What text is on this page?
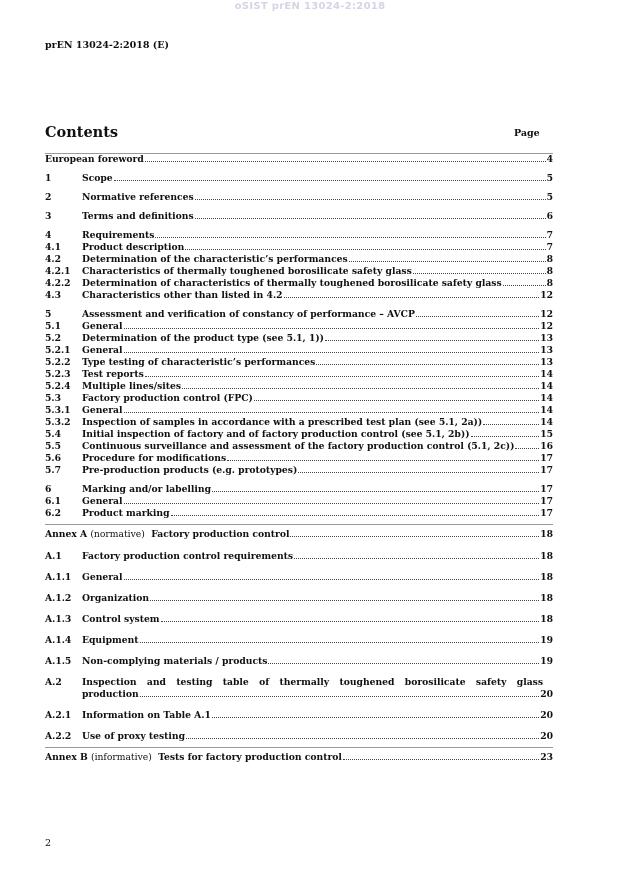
oSIST prEN 13024-2:2018
prEN 13024-2:2018 (E)
Contents	Page
European foreword	4
1	Scope	5
2	Normative references	5
3	Terms and definitions	6
4	Requirements	7
4.1 Product description	7
4.2 Determination of the characteristic’s performances	8
4.2.1 Characteristics of thermally toughened borosilicate safety glass	8
4.2.2 Determination of characteristics of thermally toughened borosilicate safety glass	8
4.3 Characteristics other than listed in 4.2	12
5	Assessment and verification of constancy of performance – AVCP	12
5.1 General	12
5.2 Determination of the product type (see 5.1, 1))	13
5.2.1 General	13
5.2.2 Type testing of characteristic’s performances	13
5.2.3 Test reports	14
5.2.4 Multiple lines/sites	14
5.3 Factory production control (FPC)	14
5.3.1 General	14
5.3.2 Inspection of samples in accordance with a prescribed test plan (see 5.1, 2a))	14
5.4 Initial inspection of factory and of factory production control (see 5.1, 2b))	15
5.5 Continuous surveillance and assessment of the factory production control (5.1, 2c))	16
5.6 Procedure for modifications	17
5.7 Pre-production products (e.g. prototypes)	17
6	Marking and/or labelling	17
6.1 General	17
6.2 Product marking	17
Annex A (normative) Factory production control	18
A.1 Factory production control requirements	18
A.1.1 General	18
A.1.2 Organization	18
A.1.3 Control system	18
A.1.4 Equipment	19
A.1.5 Non-complying materials / products	19
A.2 Inspection and testing table of thermally toughened borosilicate safety glass
production	20
A.2.1 Information on Table A.1	20
A.2.2 Use of proxy testing	20
Annex B (informative) Tests for factory production control	23
2
